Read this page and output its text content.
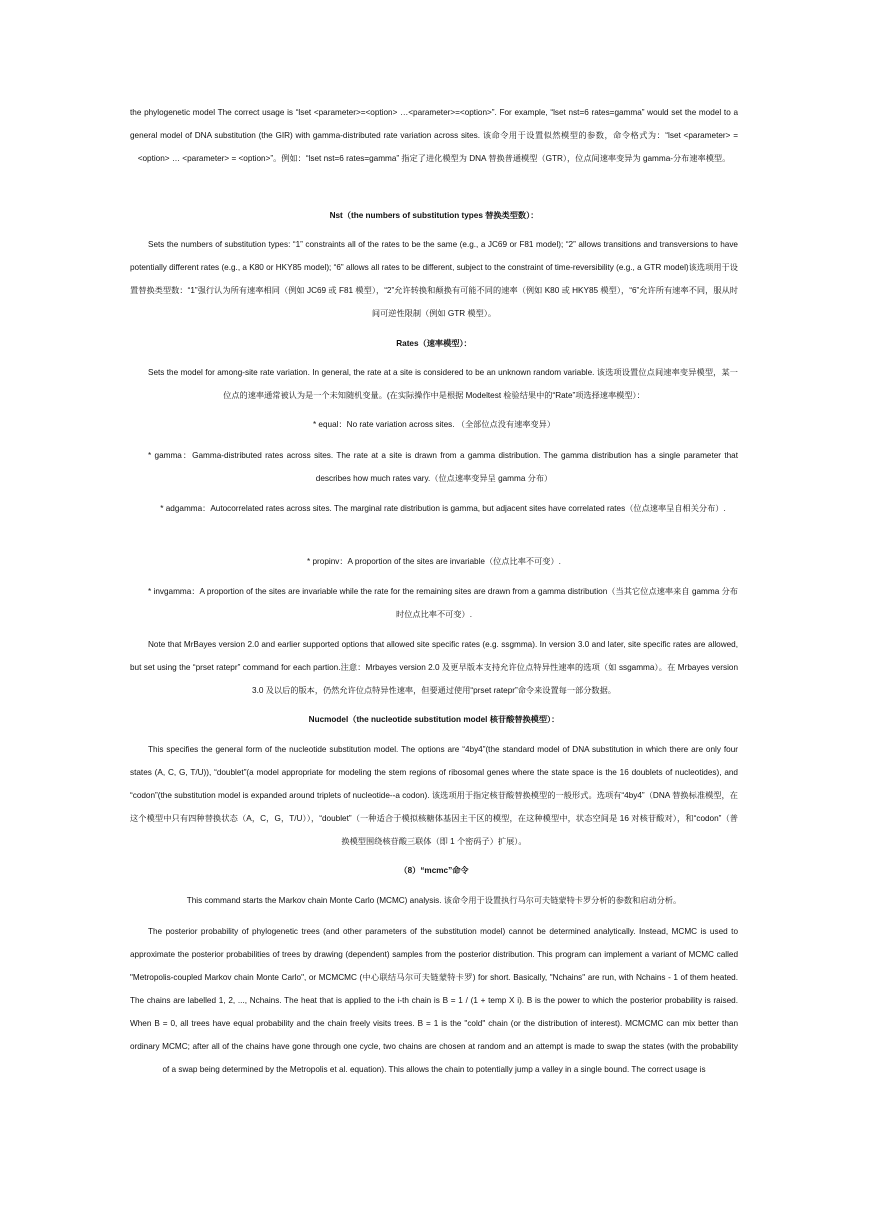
the phylogenetic model The correct usage is “lset <parameter>=<option> …<parameter>=<option>”. For example, “lset nst=6 rates=gamma” would set the model to a general model of DNA substitution (the GIR) with gamma-distributed rate variation across sites. 该命令用于设置似然模型的参数，命令格式为：“lset <parameter> = <option> … <parameter> = <option>”。例如：“lset nst=6 rates=gamma” 指定了进化模型为 DNA 替换普通模型（GTR），位点间速率变异为 gamma-分布速率模型。
Nst（the numbers of substitution types 替换类型数）：
Sets the numbers of substitution types: “1” constraints all of the rates to be the same (e.g., a JC69 or F81 model); “2” allows transitions and transversions to have potentially different rates (e.g., a K80 or HKY85 model); “6” allows all rates to be different, subject to the constraint of time-reversibility (e.g., a GTR model)该选项用于设置替换类型数：“1”强行认为所有速率相同（例如 JC69 或 F81 模型），“2”允许转换和颠换有可能不同的速率（例如 K80 或 HKY85 模型），“6”允许所有速率不同，服从时间可逆性限制（例如 GTR 模型）。
Rates（速率模型）：
Sets the model for among-site rate variation. In general, the rate at a site is considered to be an unknown random variable. 该选项设置位点间速率变异模型，某一位点的速率通常被认为是一个未知随机变量。(在实际操作中是根据 Modeltest 检验结果中的“Rate”项选择速率模型）：
* equal：No rate variation across sites. （全部位点没有速率变异）
* gamma：Gamma-distributed rates across sites. The rate at a site is drawn from a gamma distribution. The gamma distribution has a single parameter that describes how much rates vary.（位点速率变异呈 gamma 分布）
* adgamma：Autocorrelated rates across sites. The marginal rate distribution is gamma, but adjacent sites have correlated rates（位点速率呈自相关分布）.
* propinv：A proportion of the sites are invariable（位点比率不可变）.
* invgamma：A proportion of the sites are invariable while the rate for the remaining sites are drawn from a gamma distribution（当其它位点速率来自 gamma 分布时位点比率不可变）.
Note that MrBayes version 2.0 and earlier supported options that allowed site specific rates (e.g. ssgmma). In version 3.0 and later, site specific rates are allowed, but set using the “prset ratepr” command for each partion.注意：Mrbayes version 2.0 及更早版本支持允许位点特异性速率的选项（如 ssgamma）。在 Mrbayes version 3.0 及以后的版本，仍然允许位点特异性速率，但要通过使用“prset ratepr”命令来设置每一部分数据。
Nucmodel（the nucleotide substitution model 核苷酸替换模型）：
This specifies the general form of the nucleotide substitution model. The options are “4by4”(the standard model of DNA substitution in which there are only four states (A, C, G, T/U)), “doublet”(a model appropriate for modeling the stem regions of ribosomal genes where the state space is the 16 doublets of nucleotides), and “codon”(the substitution model is expanded around triplets of nucleotide--a codon). 该选项用于指定核苷酸替换模型的一般形式。选项有“4by4”（DNA 替换标准模型，在这个模型中只有四种替换状态（A，C，G，T/U）），“doublet”（一种适合于模拟核糖体基因主干区的模型，在这种模型中，状态空间是 16 对核苷酸对），和“codon”（普换模型围绕核苷酸三联体（即 1 个密码子）扩展）。
（8）“mcmc”命令
This command starts the Markov chain Monte Carlo (MCMC) analysis. 该命令用于设置执行马尔可夫链蒙特卡罗分析的参数和启动分析。
The posterior probability of phylogenetic trees (and other parameters of the substitution model) cannot be determined analytically. Instead, MCMC is used to approximate the posterior probabilities of trees by drawing (dependent) samples from the posterior distribution. This program can implement a variant of MCMC called "Metropolis-coupled Markov chain Monte Carlo", or MCMCMC (中心联结马尔可夫链蒙特卡罗) for short. Basically, "Nchains" are run, with Nchains - 1 of them heated. The chains are labelled 1, 2, ..., Nchains. The heat that is applied to the i-th chain is B = 1 / (1 + temp X i). B is the power to which the posterior probability is raised. When B = 0, all trees have equal probability and the chain freely visits trees. B = 1 is the "cold" chain (or the distribution of interest). MCMCMC can mix better than ordinary MCMC; after all of the chains have gone through one cycle, two chains are chosen at random and an attempt is made to swap the states (with the probability of a swap being determined by the Metropolis et al. equation). This allows the chain to potentially jump a valley in a single bound. The correct usage is
